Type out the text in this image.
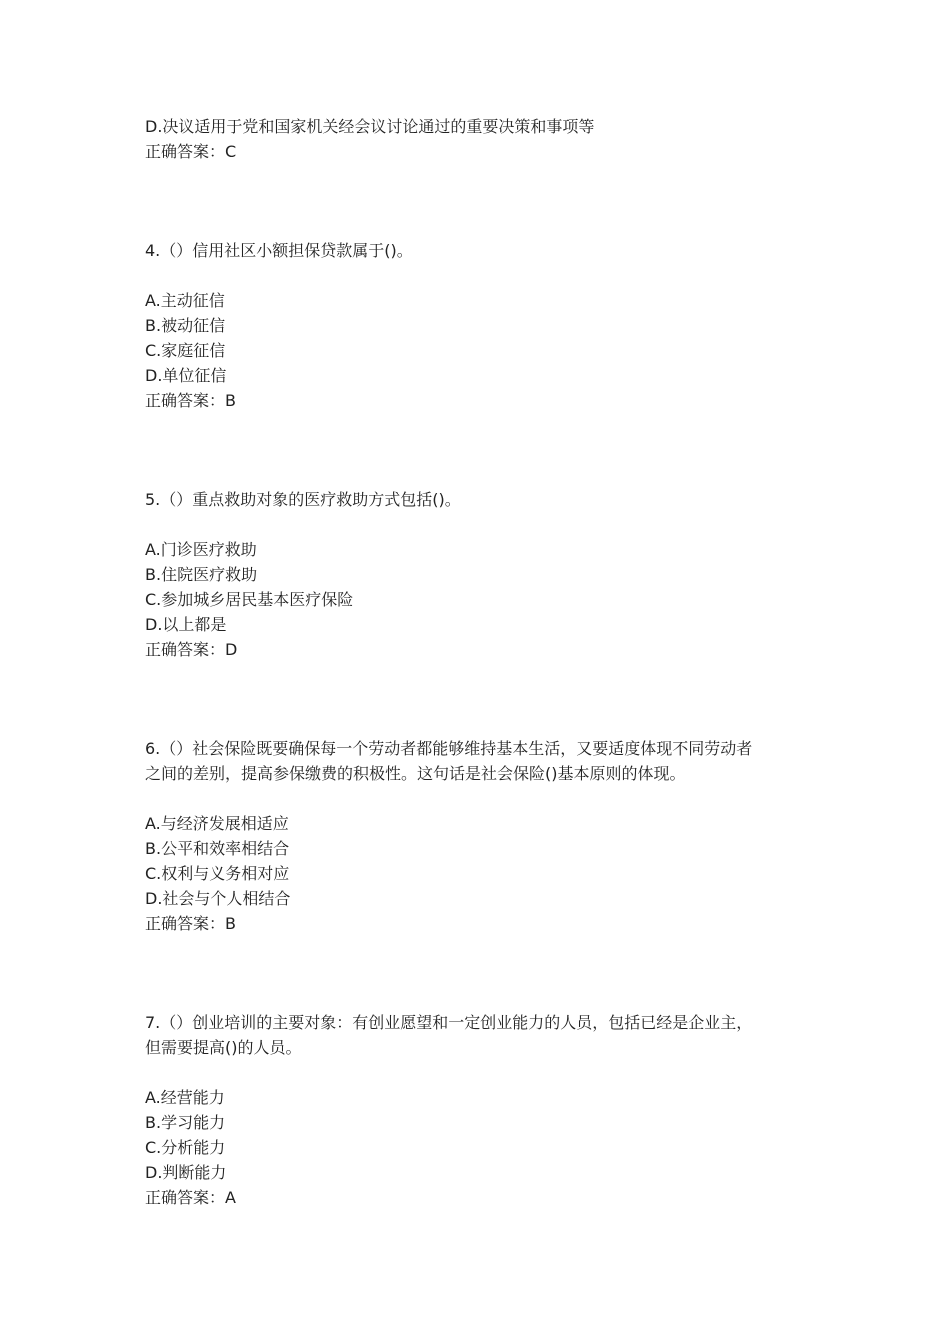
D.决议适用于党和国家机关经会议讨论通过的重要决策和事项等
正确答案：C
4.（）信用社区小额担保贷款属于()。
A.主动征信
B.被动征信
C.家庭征信
D.单位征信
正确答案：B
5.（）重点救助对象的医疗救助方式包括()。
A.门诊医疗救助
B.住院医疗救助
C.参加城乡居民基本医疗保险
D.以上都是
正确答案：D
6.（）社会保险既要确保每一个劳动者都能够维持基本生活，又要适度体现不同劳动者
之间的差别，提高参保缴费的积极性。这句话是社会保险()基本原则的体现。
A.与经济发展相适应
B.公平和效率相结合
C.权利与义务相对应
D.社会与个人相结合
正确答案：B
7.（）创业培训的主要对象：有创业愿望和一定创业能力的人员，包括已经是企业主，
但需要提高()的人员。
A.经营能力
B.学习能力
C.分析能力
D.判断能力
正确答案：A
